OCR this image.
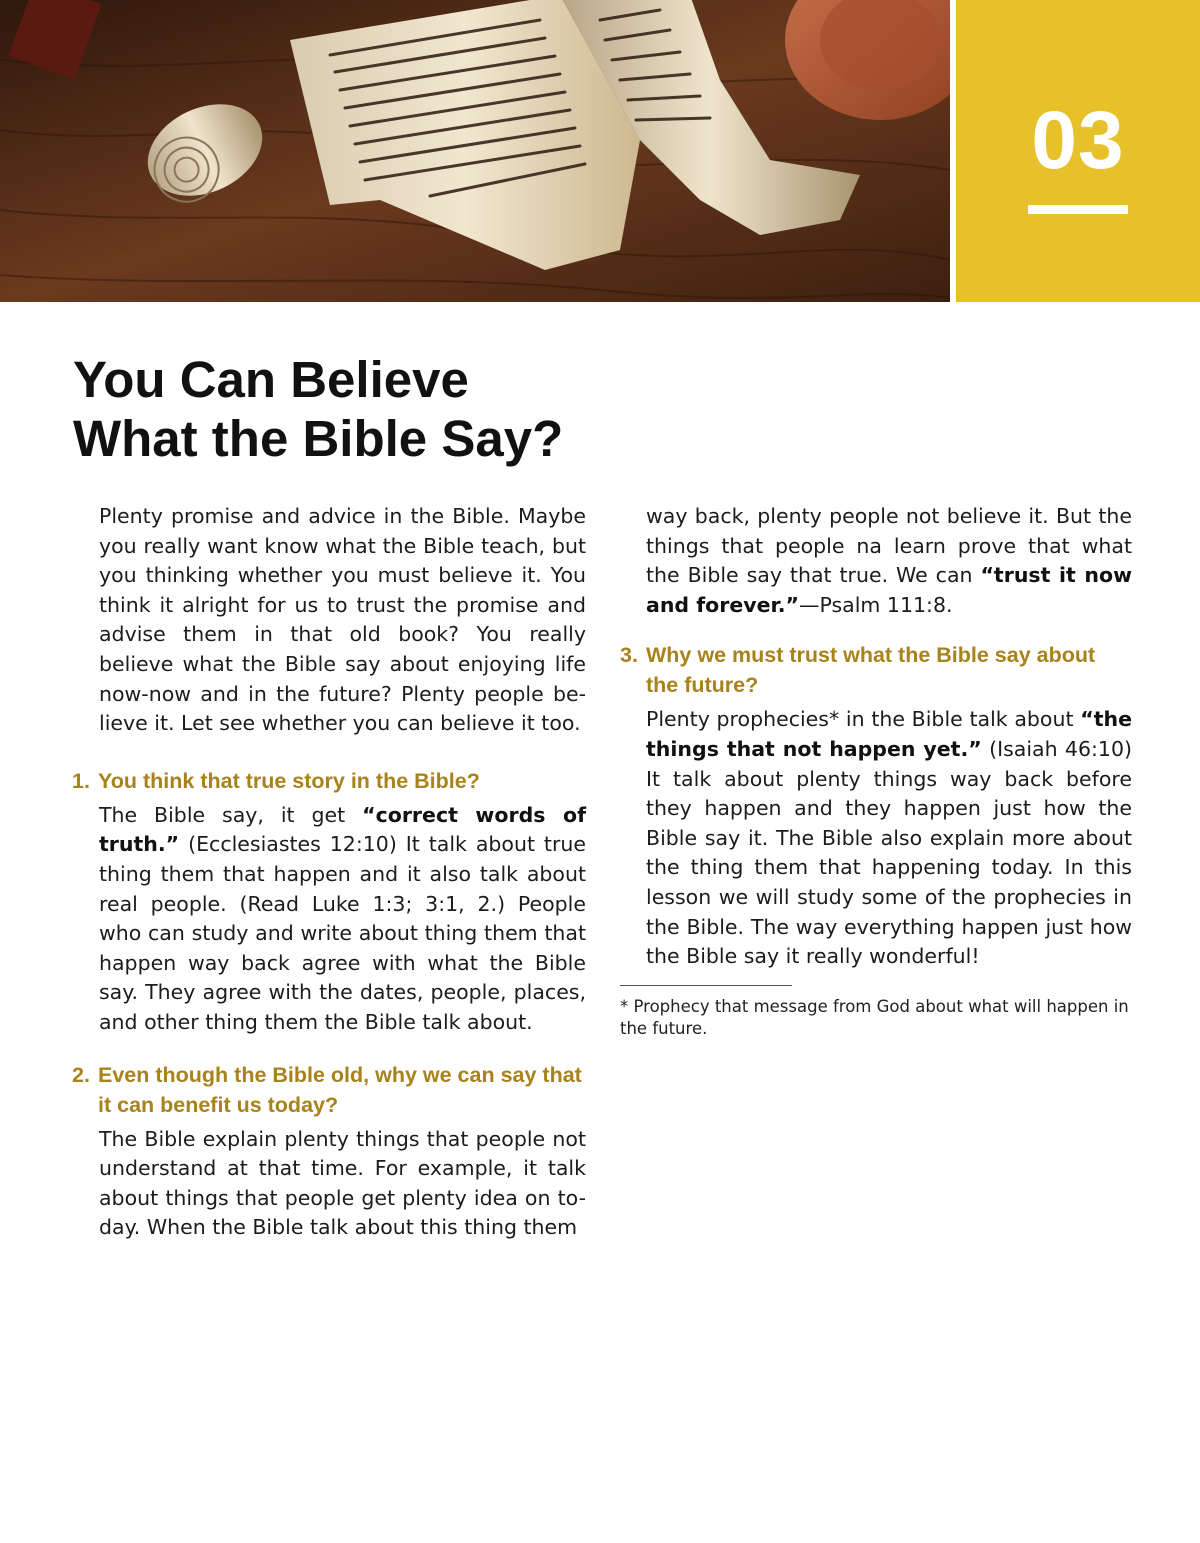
03
You Can Believe
What the Bible Say?

Plenty promise and advice in the Bible. Maybe you really want know what the Bible teach, but you thinking whether you must believe it. You think it alright for us to trust the promise and advise them in that old book? You really believe what the Bible say about enjoying life now-now and in the future? Plenty people be-lieve it. Let see whether you can believe it too.

1. You think that true story in the Bible?

The Bible say, it get “correct words of truth.” (Ecclesiastes 12:10) It talk about true thing them that happen and it also talk about real people. (Read Luke 1:3; 3:1, 2.) People who can study and write about thing them that happen way back agree with what the Bible say. They agree with the dates, people, places, and other thing them the Bible talk about.

2. Even though the Bible old, why we can say that it can benefit us today?

The Bible explain plenty things that people not understand at that time. For example, it talk about things that people get plenty idea on to-day. When the Bible talk about this thing them

way back, plenty people not believe it. But the things that people na learn prove that what the Bible say that true. We can “trust it now and forever.”—Psalm 111:8.

3. Why we must trust what the Bible say about the future?

Plenty prophecies* in the Bible talk about “the things that not happen yet.” (Isaiah 46:10) It talk about plenty things way back before they happen and they happen just how the Bible say it. The Bible also explain more about the thing them that happening today. In this lesson we will study some of the prophecies in the Bible. The way everything happen just how the Bible say it really wonderful!

* Prophecy that message from God about what will happen in the future.
